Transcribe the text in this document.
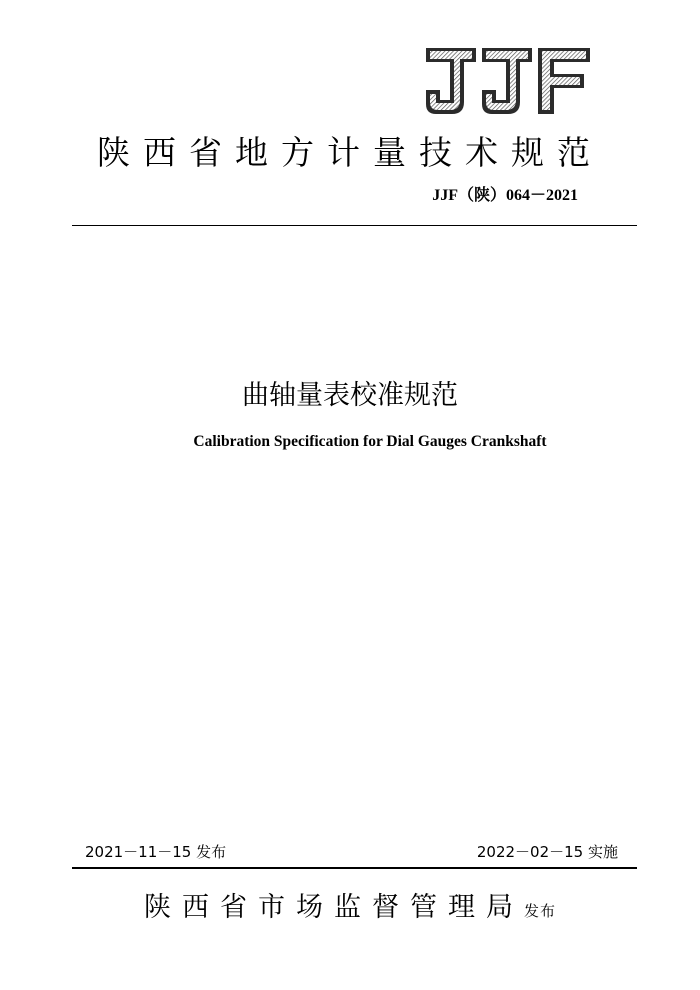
陕西省地方计量技术规范
JJF（陕）064－2021
曲轴量表校准规范
Calibration Specification for Dial Gauges Crankshaft
2021－11－15 发布	2022－02－15 实施
陕西省市场监督管理局发布
